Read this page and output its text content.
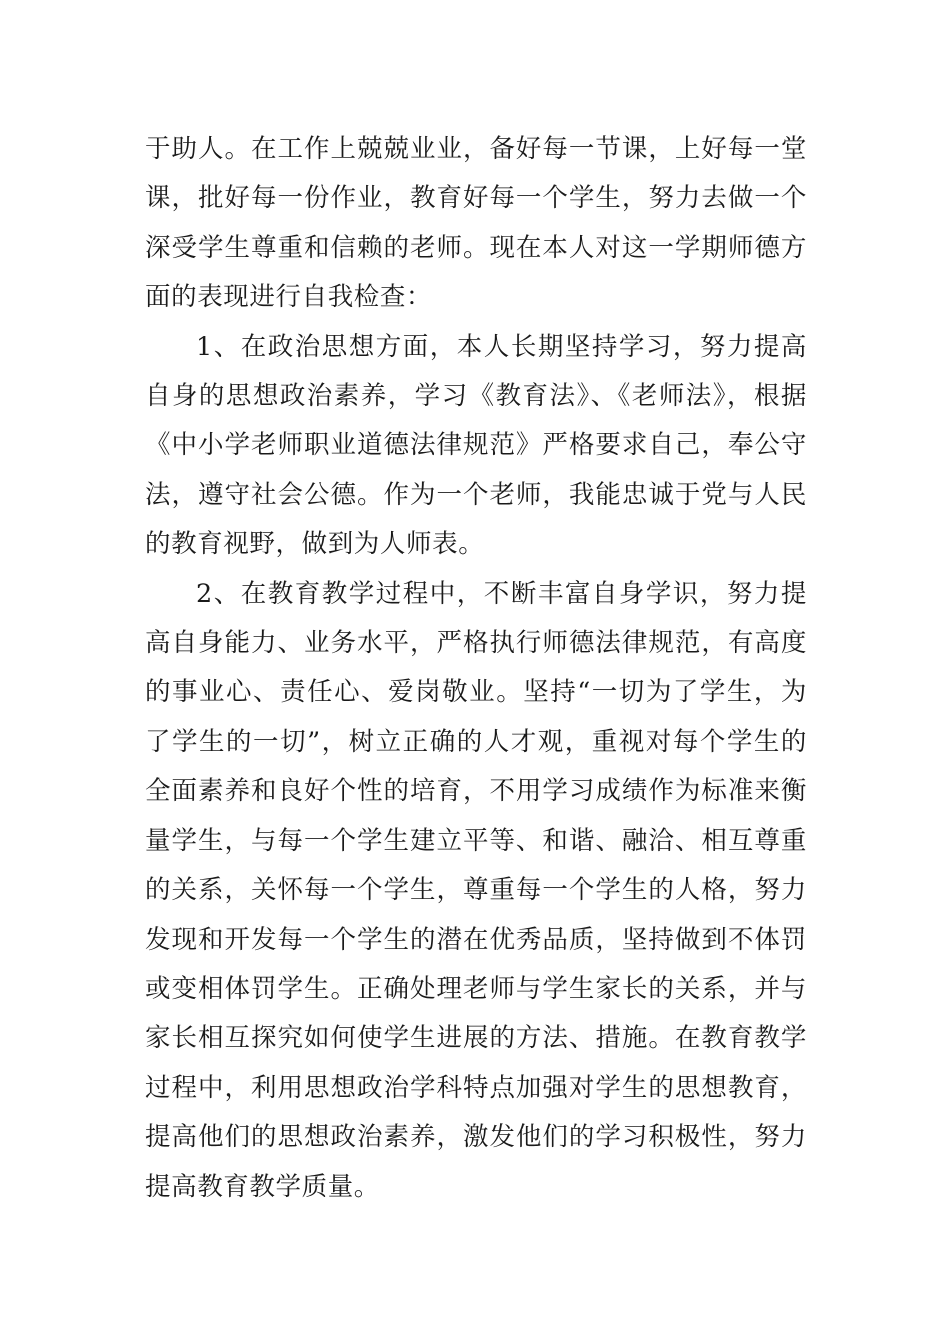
于助人。在工作上兢兢业业，备好每一节课，上好每一堂课，批好每一份作业，教育好每一个学生，努力去做一个深受学生尊重和信赖的老师。现在本人对这一学期师德方面的表现进行自我检查：

1、在政治思想方面，本人长期坚持学习，努力提高自身的思想政治素养，学习《教育法》、《老师法》，根据《中小学老师职业道德法律规范》严格要求自己，奉公守法，遵守社会公德。作为一个老师，我能忠诚于党与人民的教育视野，做到为人师表。

2、在教育教学过程中，不断丰富自身学识，努力提高自身能力、业务水平，严格执行师德法律规范，有高度的事业心、责任心、爱岗敬业。坚持“一切为了学生，为了学生的一切”，树立正确的人才观，重视对每个学生的全面素养和良好个性的培育，不用学习成绩作为标准来衡量学生，与每一个学生建立平等、和谐、融洽、相互尊重的关系，关怀每一个学生，尊重每一个学生的人格，努力发现和开发每一个学生的潜在优秀品质，坚持做到不体罚或变相体罚学生。正确处理老师与学生家长的关系，并与家长相互探究如何使学生进展的方法、措施。在教育教学过程中，利用思想政治学科特点加强对学生的思想教育，提高他们的思想政治素养，激发他们的学习积极性，努力提高教育教学质量。
